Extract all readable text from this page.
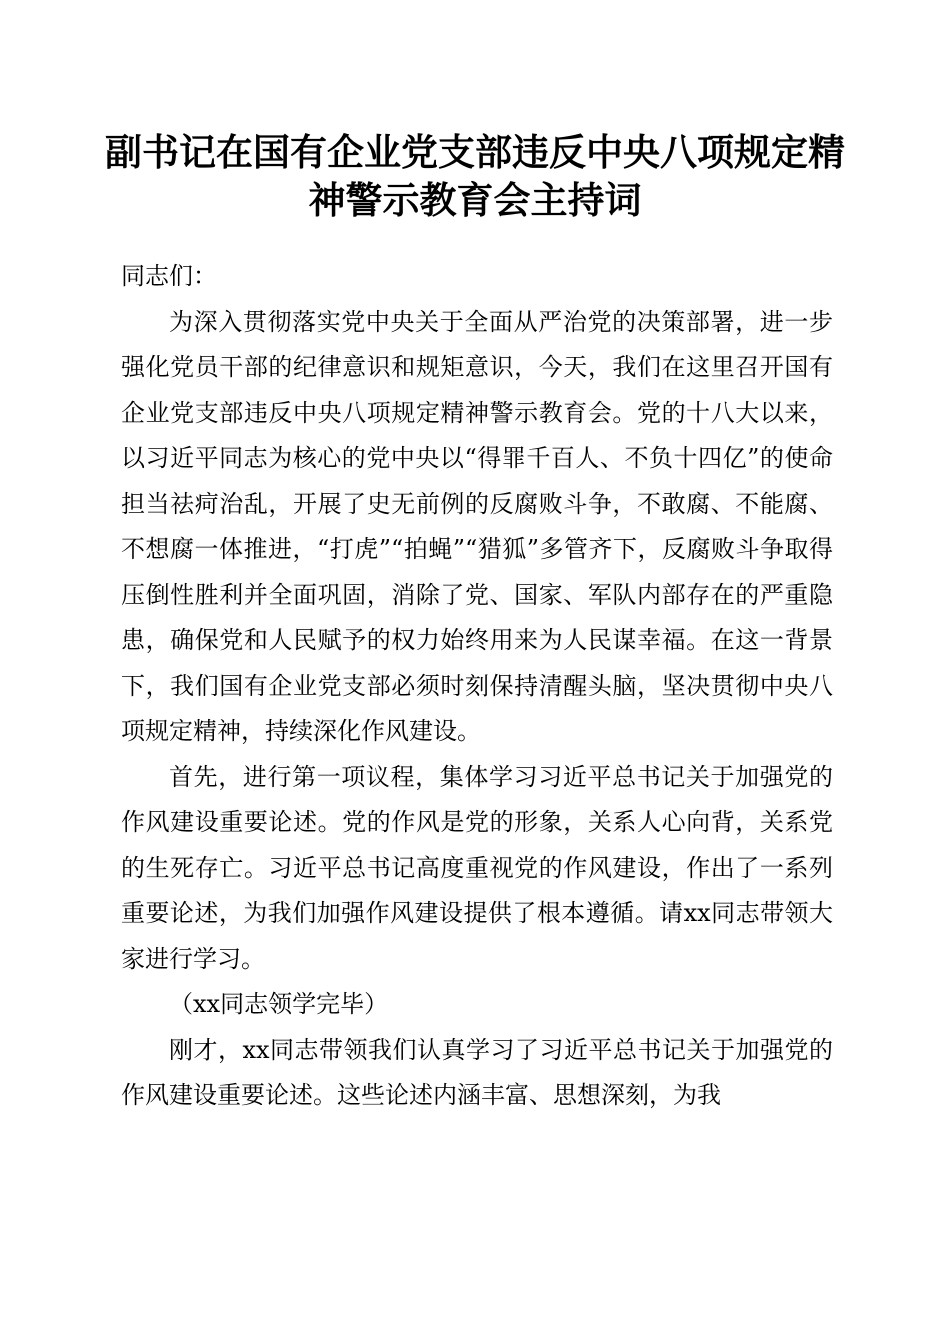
副书记在国有企业党支部违反中央八项规定精
神警示教育会主持词

同志们：

为深入贯彻落实党中央关于全面从严治党的决策部署，进一步强化党员干部的纪律意识和规矩意识，今天，我们在这里召开国有企业党支部违反中央八项规定精神警示教育会。党的十八大以来，以习近平同志为核心的党中央以“得罪千百人、不负十四亿”的使命担当祛疴治乱，开展了史无前例的反腐败斗争，不敢腐、不能腐、不想腐一体推进，“打虎”“拍蝇”“猎狐”多管齐下，反腐败斗争取得压倒性胜利并全面巩固，消除了党、国家、军队内部存在的严重隐患，确保党和人民赋予的权力始终用来为人民谋幸福。在这一背景下，我们国有企业党支部必须时刻保持清醒头脑，坚决贯彻中央八项规定精神，持续深化作风建设。

首先，进行第一项议程，集体学习习近平总书记关于加强党的作风建设重要论述。党的作风是党的形象，关系人心向背，关系党的生死存亡。习近平总书记高度重视党的作风建设，作出了一系列重要论述，为我们加强作风建设提供了根本遵循。请xx同志带领大家进行学习。

（xx同志领学完毕）

刚才，xx同志带领我们认真学习了习近平总书记关于加强党的作风建设重要论述。这些论述内涵丰富、思想深刻，为我
